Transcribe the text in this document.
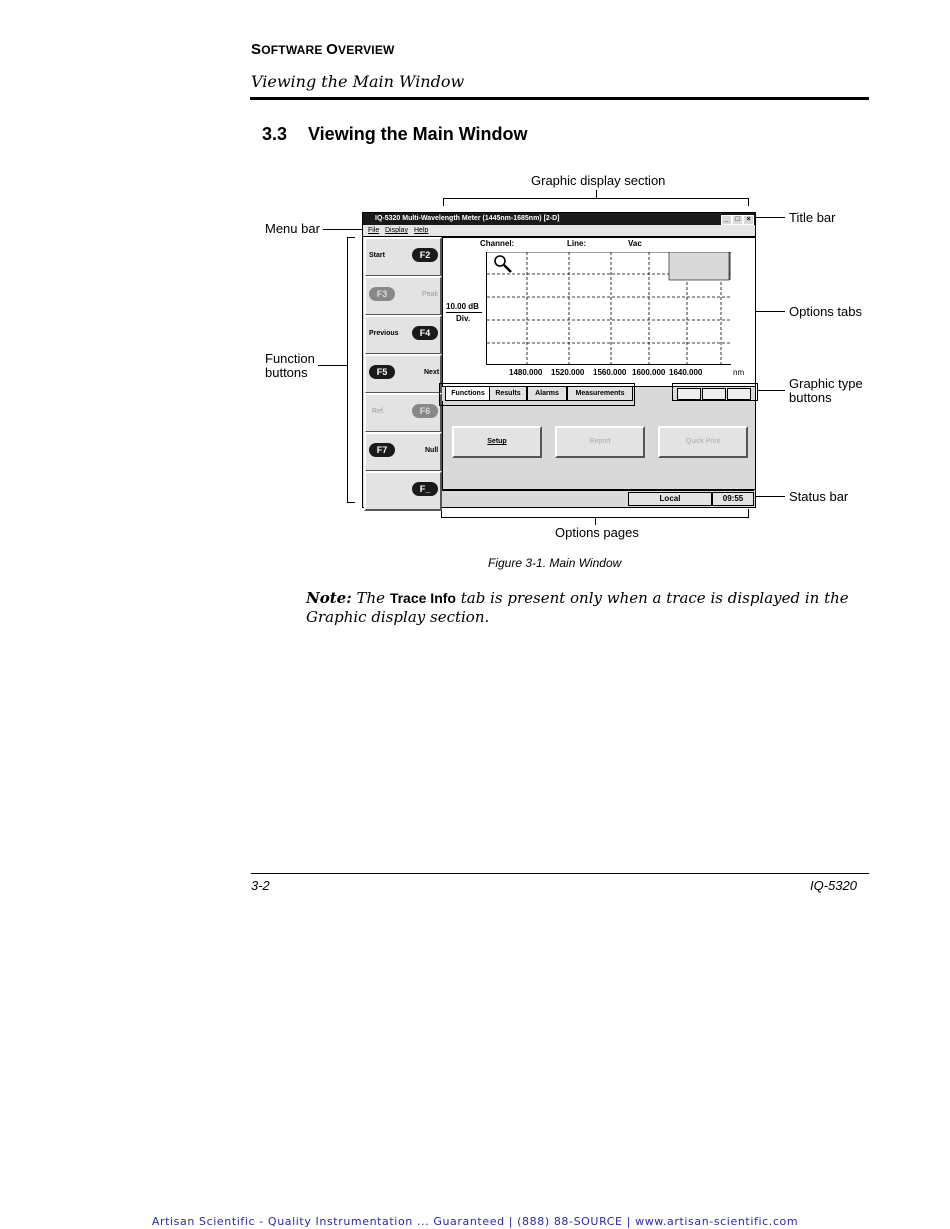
SOFTWARE OVERVIEW
Viewing the Main Window
3.3 Viewing the Main Window
Graphic display section
Menu bar
Title bar
Options tabs
Function
buttons
Graphic type
buttons
Status bar
Options pages
IQ-5320 Multi-Wavelength Meter (1445nm-1685nm) [2-D]	_ □ ×
File Display Help
Start	F2
F3	Peak
Previous	F4
F5	Next
Ref.	F6
F7	Null
F_
Channel:	Line:	Vac
10.00 dB
Div.
1480.000 1520.000 1560.000 1600.000 1640.000	nm
Functions	Results	Alarms	Measurements
Setup	Report	Quick Print
Local	09:55
Figure 3-1. Main Window
Note: The Trace Info tab is present only when a trace is displayed in the Graphic display section.
3-2	IQ-5320
Artisan Scientific - Quality Instrumentation ... Guaranteed | (888) 88-SOURCE | www.artisan-scientific.com
